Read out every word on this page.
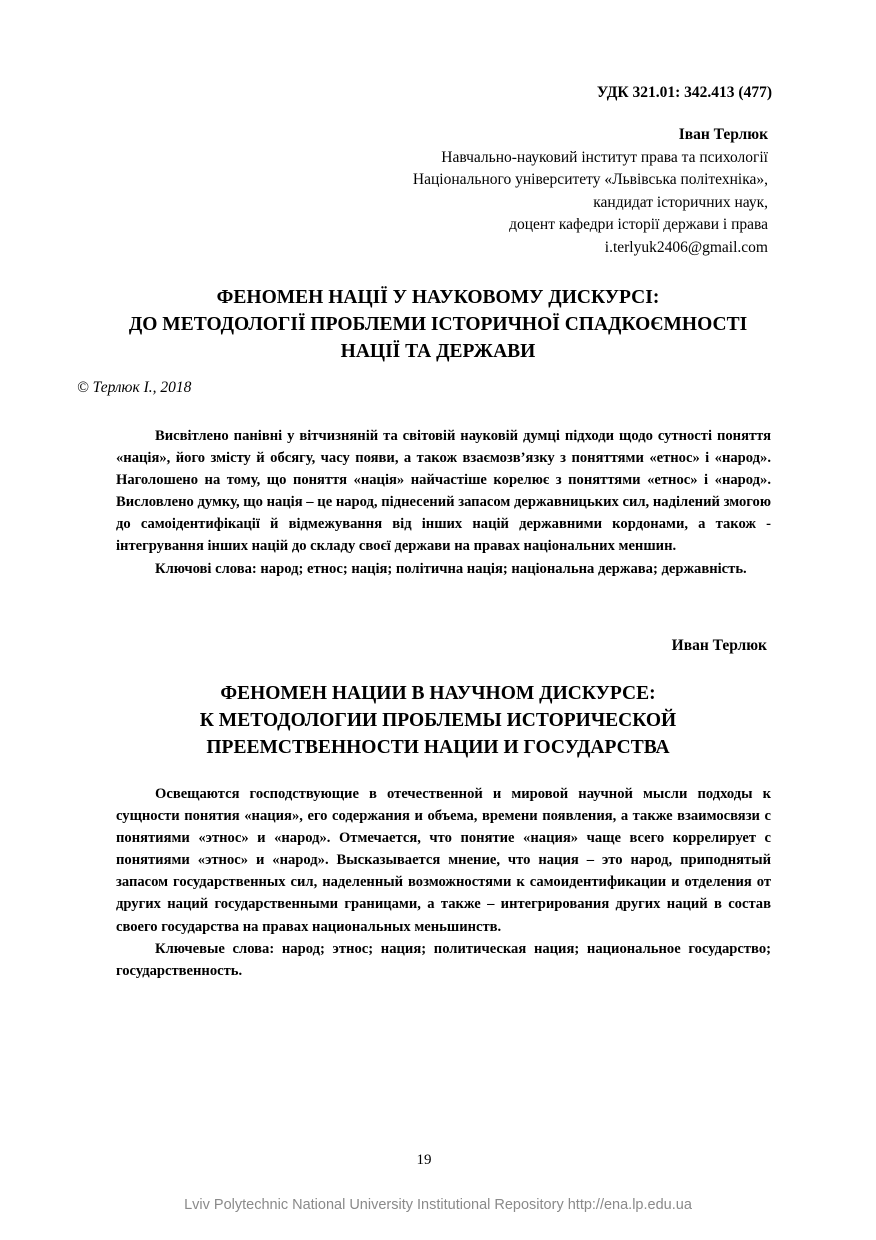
УДК 321.01: 342.413 (477)
Іван Терлюк
Навчально-науковий інститут права та психології
Національного університету «Львівська політехніка»,
кандидат історичних наук,
доцент кафедри історії держави і права
i.terlyuk2406@gmail.com
ФЕНОМЕН НАЦІЇ У НАУКОВОМУ ДИСКУРСІ:
ДО МЕТОДОЛОГІЇ ПРОБЛЕМИ ІСТОРИЧНОЇ СПАДКОЄМНОСТІ
НАЦІЇ ТА ДЕРЖАВИ
© Терлюк І., 2018

Висвітлено панівні у вітчизняній та світовій науковій думці підходи щодо сутності поняття «нація», його змісту й обсягу, часу появи, а також взаємозв’язку з поняттями «етнос» і «народ». Наголошено на тому, що поняття «нація» найчастіше корелює з поняттями «етнос» і «народ». Висловлено думку, що нація – це народ, піднесений запасом державницьких сил, наділений змогою до самоідентифікації й відмежування від інших націй державними кордонами, а також - інтегрування інших націй до складу своєї держави на правах національних меншин.

Ключові слова: народ; етнос; нація; політична нація; національна держава; державність.

Иван Терлюк
ФЕНОМЕН НАЦИИ В НАУЧНОМ ДИСКУРСЕ:
К МЕТОДОЛОГИИ ПРОБЛЕМЫ ИСТОРИЧЕСКОЙ
ПРЕЕМСТВЕННОСТИ НАЦИИ И ГОСУДАРСТВА

Освещаются господствующие в отечественной и мировой научной мысли подходы к сущности понятия «нация», его содержания и объема, времени появления, а также взаимосвязи с понятиями «этнос» и «народ». Отмечается, что понятие «нация» чаще всего коррелирует с понятиями «этнос» и «народ». Высказывается мнение, что нация – это народ, приподнятый запасом государственных сил, наделенный возможностями к самоидентификации и отделения от других наций государственными границами, а также – интегрирования других наций в состав своего государства на правах национальных меньшинств.

Ключевые слова: народ; этнос; нация; политическая нация; национальное государство; государственность.

19
Lviv Polytechnic National University Institutional Repository http://ena.lp.edu.ua
